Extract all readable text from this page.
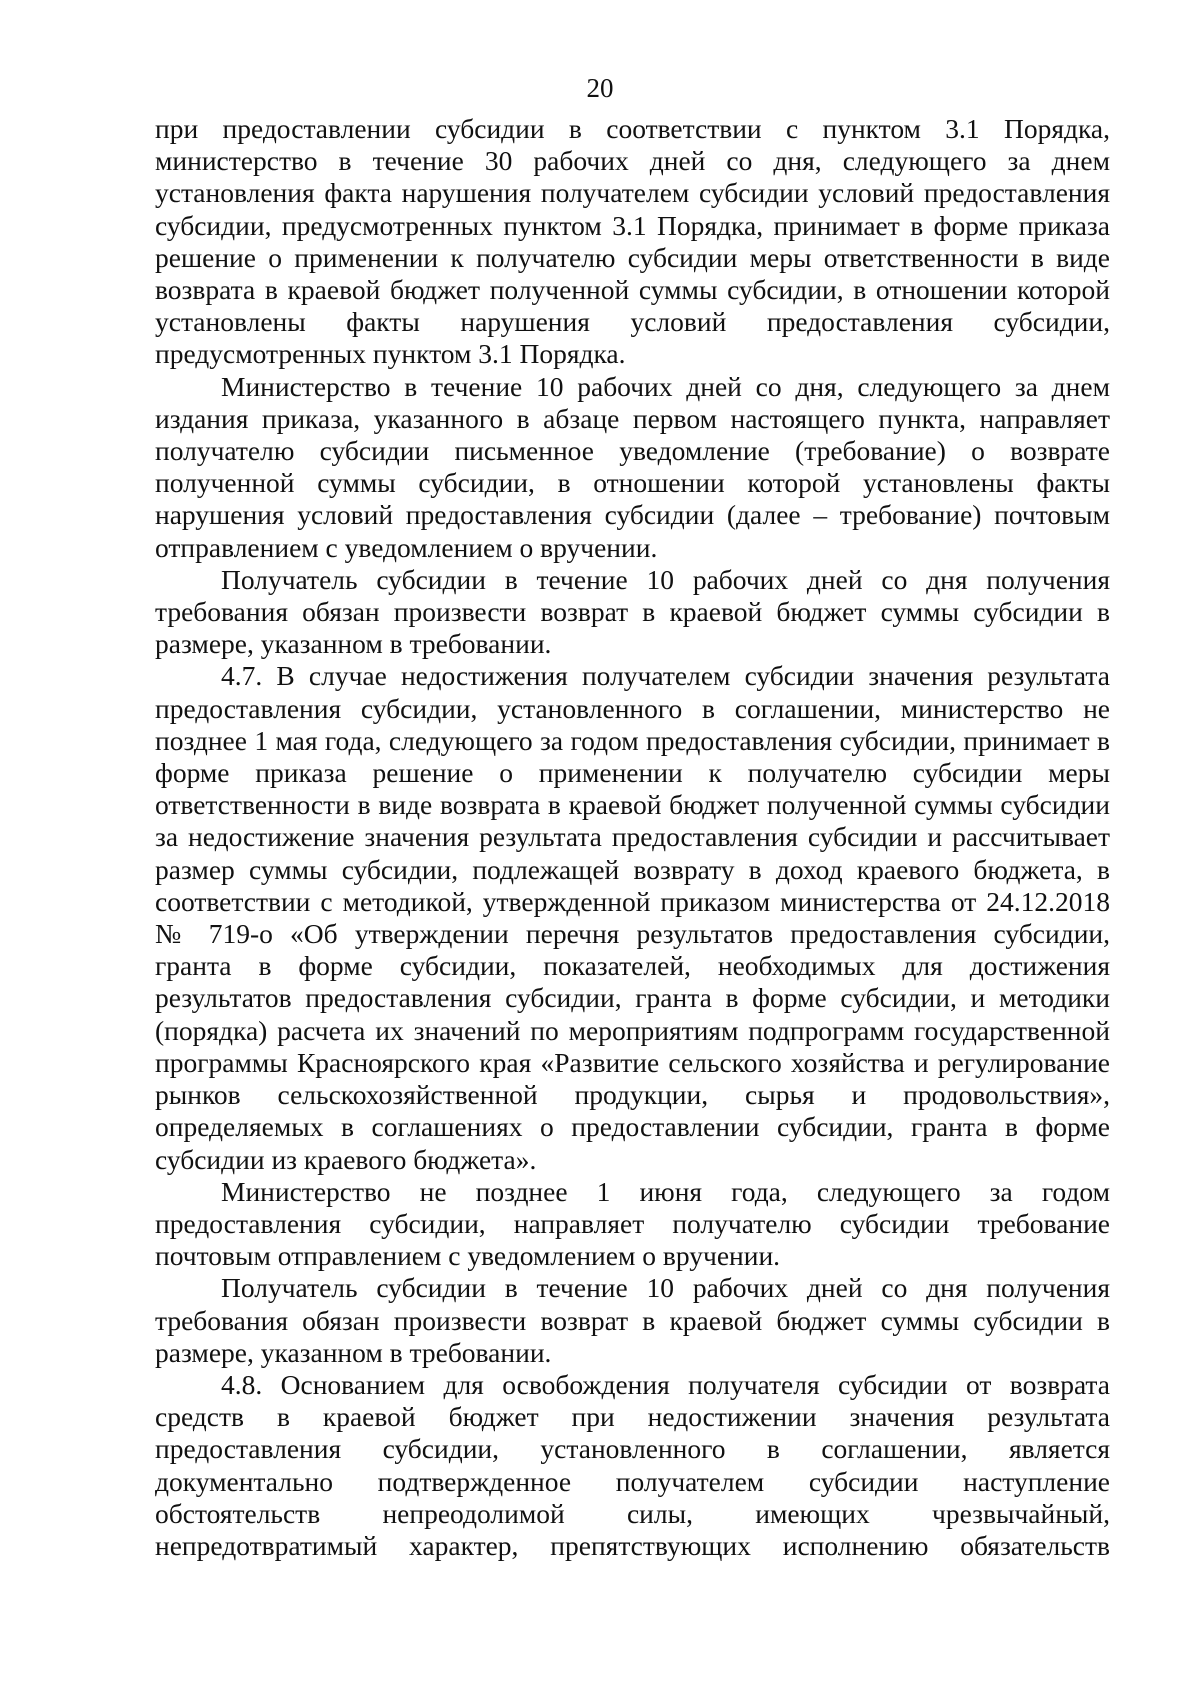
20

при предоставлении субсидии в соответствии с пунктом 3.1 Порядка, министерство в течение 30 рабочих дней со дня, следующего за днем установления факта нарушения получателем субсидии условий предоставления субсидии, предусмотренных пунктом 3.1 Порядка, принимает в форме приказа решение о применении к получателю субсидии меры ответственности в виде возврата в краевой бюджет полученной суммы субсидии, в отношении которой установлены факты нарушения условий предоставления субсидии, предусмотренных пунктом 3.1 Порядка.

Министерство в течение 10 рабочих дней со дня, следующего за днем издания приказа, указанного в абзаце первом настоящего пункта, направляет получателю субсидии письменное уведомление (требование) о возврате полученной суммы субсидии, в отношении которой установлены факты нарушения условий предоставления субсидии (далее – требование) почтовым отправлением с уведомлением о вручении.

Получатель субсидии в течение 10 рабочих дней со дня получения требования обязан произвести возврат в краевой бюджет суммы субсидии в размере, указанном в требовании.

4.7. В случае недостижения получателем субсидии значения результата предоставления субсидии, установленного в соглашении, министерство не позднее 1 мая года, следующего за годом предоставления субсидии, принимает в форме приказа решение о применении к получателю субсидии меры ответственности в виде возврата в краевой бюджет полученной суммы субсидии за недостижение значения результата предоставления субсидии и рассчитывает размер суммы субсидии, подлежащей возврату в доход краевого бюджета, в соответствии с методикой, утвержденной приказом министерства от 24.12.2018 № 719-о «Об утверждении перечня результатов предоставления субсидии, гранта в форме субсидии, показателей, необходимых для достижения результатов предоставления субсидии, гранта в форме субсидии, и методики (порядка) расчета их значений по мероприятиям подпрограмм государственной программы Красноярского края «Развитие сельского хозяйства и регулирование рынков сельскохозяйственной продукции, сырья и продовольствия», определяемых в соглашениях о предоставлении субсидии, гранта в форме субсидии из краевого бюджета».

Министерство не позднее 1 июня года, следующего за годом предоставления субсидии, направляет получателю субсидии требование почтовым отправлением с уведомлением о вручении.

Получатель субсидии в течение 10 рабочих дней со дня получения требования обязан произвести возврат в краевой бюджет суммы субсидии в размере, указанном в требовании.

4.8. Основанием для освобождения получателя субсидии от возврата средств в краевой бюджет при недостижении значения результата предоставления субсидии, установленного в соглашении, является документально подтвержденное получателем субсидии наступление обстоятельств непреодолимой силы, имеющих чрезвычайный, непредотвратимый характер, препятствующих исполнению обязательств
